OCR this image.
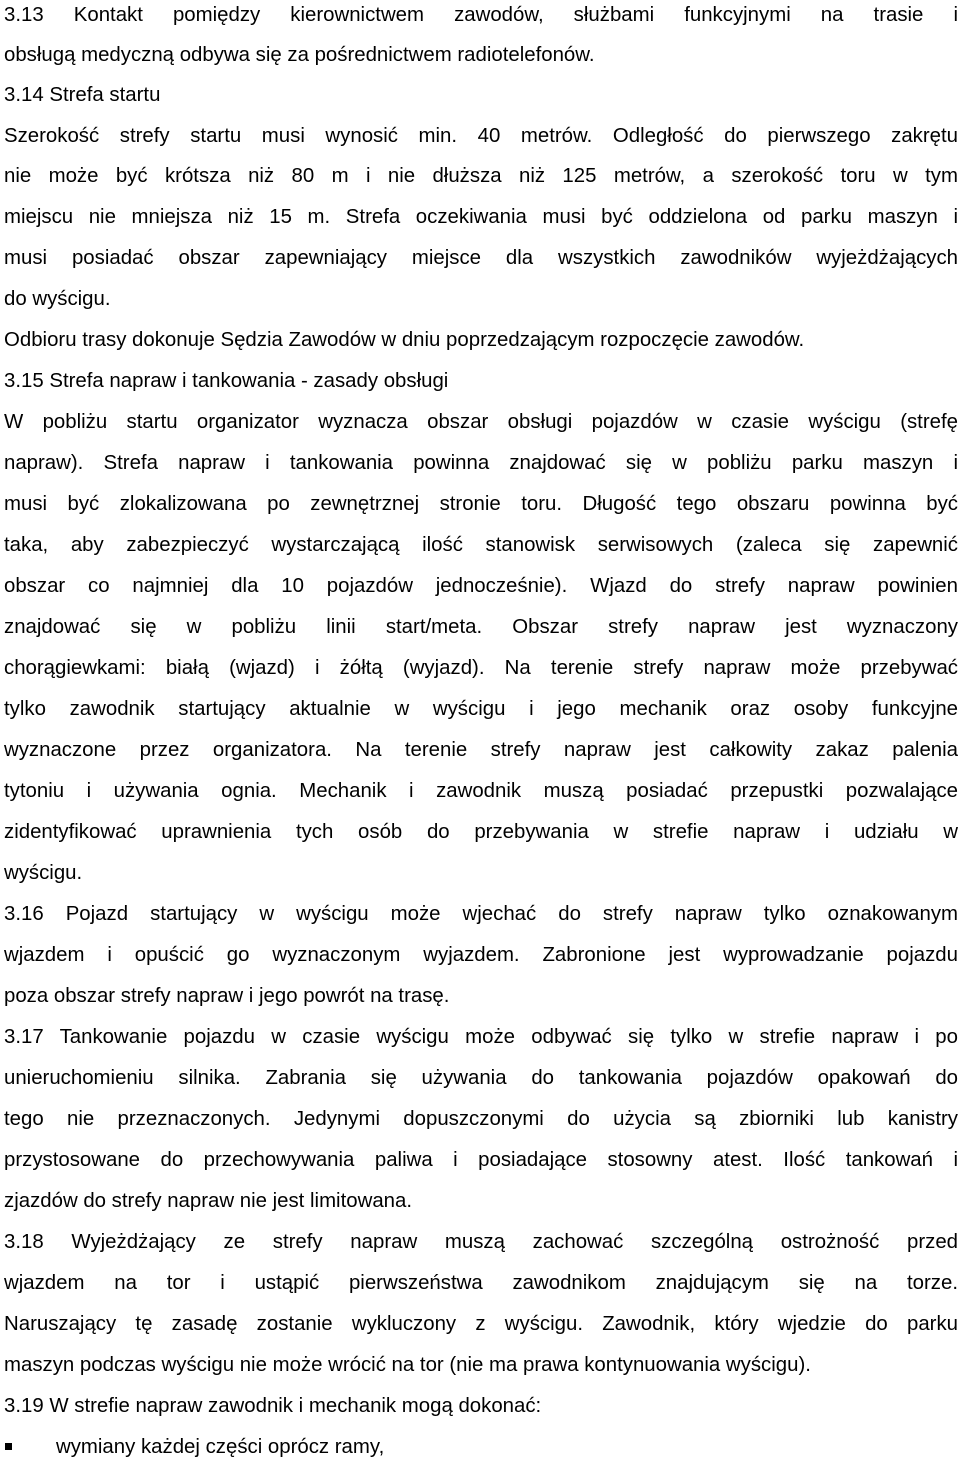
3.13 Kontakt pomiędzy kierownictwem zawodów, służbami funkcyjnymi na trasie i
obsługą medyczną odbywa się za pośrednictwem radiotelefonów.
3.14 Strefa startu
Szerokość strefy startu musi wynosić min. 40 metrów. Odległość do pierwszego zakrętu
nie może być krótsza niż 80 m i nie dłuższa niż 125 metrów, a szerokość toru w tym
miejscu nie mniejsza niż 15 m. Strefa oczekiwania musi być oddzielona od parku maszyn i
musi posiadać obszar zapewniający miejsce dla wszystkich zawodników wyjeżdżających
do wyścigu.
Odbioru trasy dokonuje Sędzia Zawodów w dniu poprzedzającym rozpoczęcie zawodów.
3.15 Strefa napraw i tankowania - zasady obsługi
W pobliżu startu organizator wyznacza obszar obsługi pojazdów w czasie wyścigu (strefę
napraw). Strefa napraw i tankowania powinna znajdować się w pobliżu parku maszyn i
musi być zlokalizowana po zewnętrznej stronie toru. Długość tego obszaru powinna być
taka, aby zabezpieczyć wystarczającą ilość stanowisk serwisowych (zaleca się zapewnić
obszar co najmniej dla 10 pojazdów jednocześnie). Wjazd do strefy napraw powinien
znajdować się w pobliżu linii start/meta. Obszar strefy napraw jest wyznaczony
chorągiewkami: białą (wjazd) i żółtą (wyjazd). Na terenie strefy napraw może przebywać
tylko zawodnik startujący aktualnie w wyścigu i jego mechanik oraz osoby funkcyjne
wyznaczone przez organizatora. Na terenie strefy napraw jest całkowity zakaz palenia
tytoniu i używania ognia. Mechanik i zawodnik muszą posiadać przepustki pozwalające
zidentyfikować uprawnienia tych osób do przebywania w strefie napraw i udziału w
wyścigu.
3.16 Pojazd startujący w wyścigu może wjechać do strefy napraw tylko oznakowanym
wjazdem i opuścić go wyznaczonym wyjazdem. Zabronione jest wyprowadzanie pojazdu
poza obszar strefy napraw i jego powrót na trasę.
3.17 Tankowanie pojazdu w czasie wyścigu może odbywać się tylko w strefie napraw i po
unieruchomieniu silnika. Zabrania się używania do tankowania pojazdów opakowań do
tego nie przeznaczonych. Jedynymi dopuszczonymi do użycia są zbiorniki lub kanistry
przystosowane do przechowywania paliwa i posiadające stosowny atest. Ilość tankowań i
zjazdów do strefy napraw nie jest limitowana.
3.18 Wyjeżdżający ze strefy napraw muszą zachować szczególną ostrożność przed
wjazdem na tor i ustąpić pierwszeństwa zawodnikom znajdującym się na torze.
Naruszający tę zasadę zostanie wykluczony z wyścigu. Zawodnik, który wjedzie do parku
maszyn podczas wyścigu nie może wrócić na tor (nie ma prawa kontynuowania wyścigu).
3.19 W strefie napraw zawodnik i mechanik mogą dokonać:
wymiany każdej części oprócz ramy,
